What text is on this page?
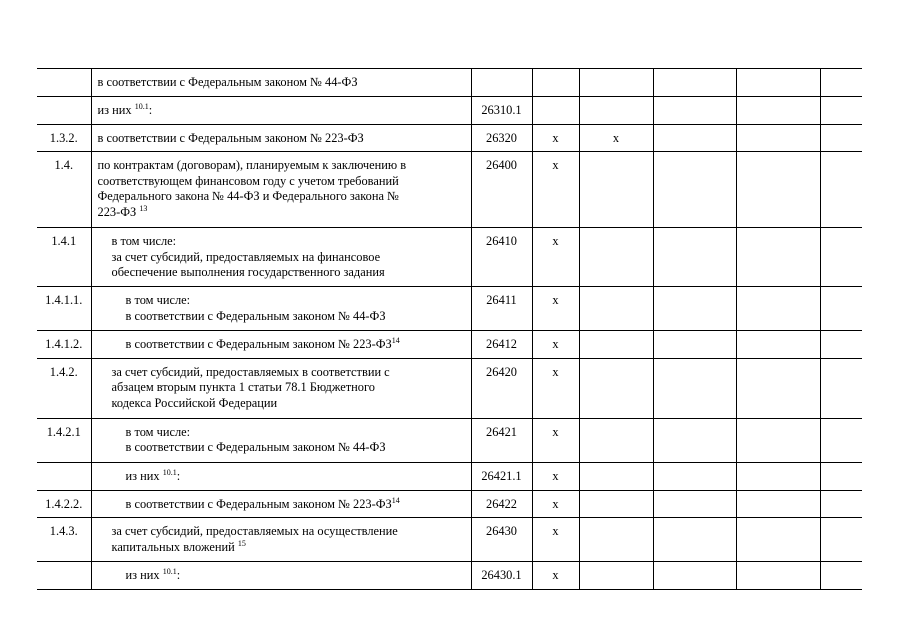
	в соответствии с Федеральным законом № 44-ФЗ						

	из них $^{10.1}$:	26310.1					
1.3.2.	в соответствии с Федеральным законом № 223-ФЗ	26320	x	x			
1.4.	по контрактам (договорам), планируемым к заключению в
соответствующем финансовом году с учетом требований
Федерального закона № 44-ФЗ и Федерального закона №
223-ФЗ $^{13}$	26400	x				
1.4.1	в том числе:
за счет субсидий, предоставляемых на финансовое
обеспечение выполнения государственного задания	26410	x				
1.4.1.1.	в том числе:
в соответствии с Федеральным законом № 44-ФЗ	26411	x				
1.4.1.2.	в соответствии с Федеральным законом № 223-ФЗ$^{14}$	26412	x				
1.4.2.	за счет субсидий, предоставляемых в соответствии с
абзацем вторым пункта 1 статьи 78.1 Бюджетного
кодекса Российской Федерации	26420	x				
1.4.2.1	в том числе:
в соответствии с Федеральным законом № 44-ФЗ	26421	x				

	из них $^{10.1}$:	26421.1	x				
1.4.2.2.	в соответствии с Федеральным законом № 223-ФЗ$^{14}$	26422	x				
1.4.3.	за счет субсидий, предоставляемых на осуществление
капитальных вложений $^{15}$	26430	x				

	из них $^{10.1}$:	26430.1	x				
